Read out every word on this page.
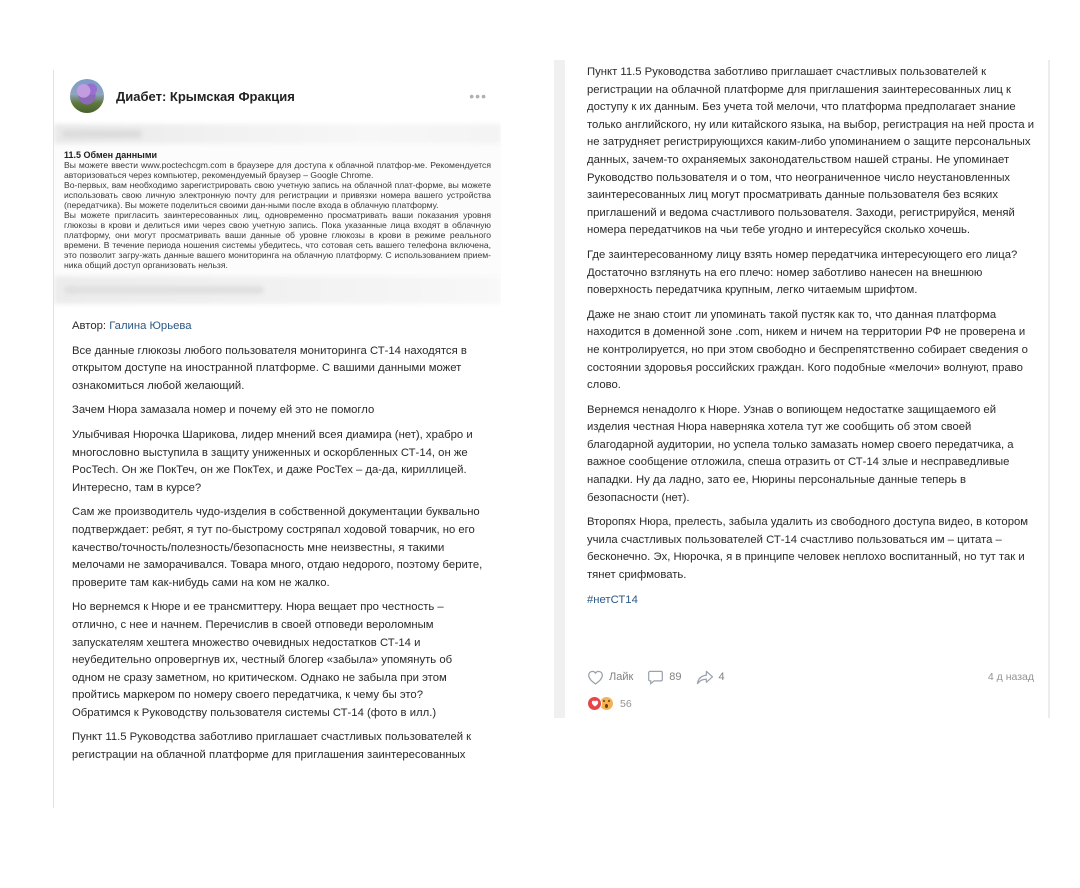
Диабет: Крымская Фракция	•••
11.5 Обмен данными

Вы можете ввести www.poctechcgm.com в браузере для доступа к облачной платфор-ме. Рекомендуется авторизоваться через компьютер, рекомендуемый браузер – Google Chrome.

Во-первых, вам необходимо зарегистрировать свою учетную запись на облачной плат-форме, вы можете использовать свою личную электронную почту для регистрации и привязки номера вашего устройства (передатчика). Вы можете поделиться своими дан-ными после входа в облачную платформу.

Вы можете пригласить заинтересованных лиц, одновременно просматривать ваши показания уровня глюкозы в крови и делиться ими через свою учетную запись. Пока указанные лица входят в облачную платформу, они могут просматривать ваши данные об уровне глюкозы в крови в режиме реального времени. В течение периода ношения системы убедитесь, что сотовая сеть вашего телефона включена, это позволит загру-жать данные вашего мониторинга на облачную платформу. С использованием прием-ника общий доступ организовать нельзя.

Автор: Галина Юрьева

Все данные глюкозы любого пользователя мониторинга СТ-14 находятся в открытом доступе на иностранной платформе. С вашими данными может ознакомиться любой желающий.

Зачем Нюра замазала номер и почему ей это не помогло

Улыбчивая Нюрочка Шарикова, лидер мнений всея диамира (нет), храбро и многословно выступила в защиту униженных и оскорбленных СТ-14, он же PocTech. Он же ПокТеч, он же ПокТех, и даже РосТех – да-да, кириллицей. Интересно, там в курсе?

Сам же производитель чудо-изделия в собственной документации буквально подтверждает: ребят, я тут по-быстрому состряпал ходовой товарчик, но его качество/точность/полезность/безопасность мне неизвестны, я такими мелочами не заморачивался. Товара много, отдаю недорого, поэтому берите, проверите там как-нибудь сами на ком не жалко.

Но вернемся к Нюре и ее трансмиттеру. Нюра вещает про честность – отлично, с нее и начнем. Перечислив в своей отповеди вероломным запускателям хештега множество очевидных недостатков СТ-14 и неубедительно опровергнув их, честный блогер «забыла» упомянуть об одном не сразу заметном, но критическом. Однако не забыла при этом пройтись маркером по номеру своего передатчика, к чему бы это? Обратимся к Руководству пользователя системы СТ-14 (фото в илл.)

Пункт 11.5 Руководства заботливо приглашает счастливых пользователей к регистрации на облачной платформе для приглашения заинтересованных

Пункт 11.5 Руководства заботливо приглашает счастливых пользователей к регистрации на облачной платформе для приглашения заинтересованных лиц к доступу к их данным. Без учета той мелочи, что платформа предполагает знание только английского, ну или китайского языка, на выбор, регистрация на ней проста и не затрудняет регистрирующихся каким-либо упоминанием о защите персональных данных, зачем-то охраняемых законодательством нашей страны. Не упоминает Руководство пользователя и о том, что неограниченное число неустановленных заинтересованных лиц могут просматривать данные пользователя без всяких приглашений и ведома счастливого пользователя. Заходи, регистрируйся, меняй номера передатчиков на чьи тебе угодно и интересуйся сколько хочешь.

Где заинтересованному лицу взять номер передатчика интересующего его лица? Достаточно взглянуть на его плечо: номер заботливо нанесен на внешнюю поверхность передатчика крупным, легко читаемым шрифтом.

Даже не знаю стоит ли упоминать такой пустяк как то, что данная платформа находится в доменной зоне .com, никем и ничем на территории РФ не проверена и не контролируется, но при этом свободно и беспрепятственно собирает сведения о состоянии здоровья российских граждан. Кого подобные «мелочи» волнуют, право слово.

Вернемся ненадолго к Нюре. Узнав о вопиющем недостатке защищаемого ей изделия честная Нюра наверняка хотела тут же сообщить об этом своей благодарной аудитории, но успела только замазать номер своего передатчика, а важное сообщение отложила, спеша отразить от СТ-14 злые и несправедливые нападки. Ну да ладно, зато ее, Нюрины персональные данные теперь в безопасности (нет).

Второпях Нюра, прелесть, забыла удалить из свободного доступа видео, в котором учила счастливых пользователей СТ-14 счастливо пользоваться им – цитата – бесконечно. Эх, Нюрочка, я в принципе человек неплохо воспитанный, но тут так и тянет срифмовать.

#нетСТ14
Лайк	89	4	4 д назад
56
